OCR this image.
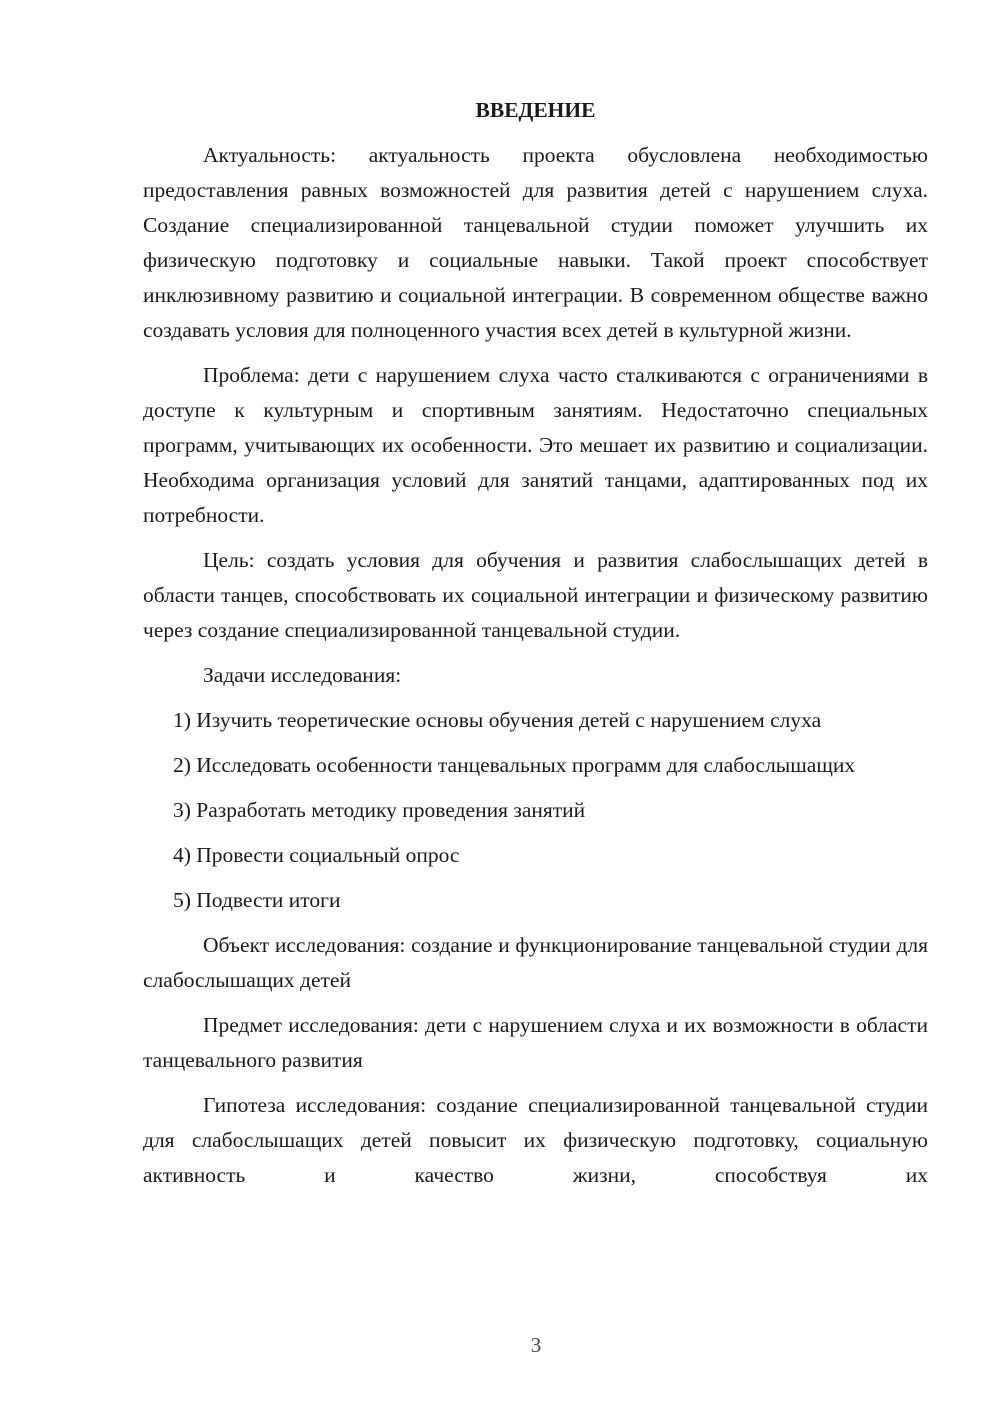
ВВЕДЕНИЕ

Актуальность: актуальность проекта обусловлена необходимостью предоставления равных возможностей для развития детей с нарушением слуха. Создание специализированной танцевальной студии поможет улучшить их физическую подготовку и социальные навыки. Такой проект способствует инклюзивному развитию и социальной интеграции. В современном обществе важно создавать условия для полноценного участия всех детей в культурной жизни.

Проблема: дети с нарушением слуха часто сталкиваются с ограничениями в доступе к культурным и спортивным занятиям. Недостаточно специальных программ, учитывающих их особенности. Это мешает их развитию и социализации. Необходима организация условий для занятий танцами, адаптированных под их потребности.

Цель: создать условия для обучения и развития слабослышащих детей в области танцев, способствовать их социальной интеграции и физическому развитию через создание специализированной танцевальной студии.

Задачи исследования:

1) Изучить теоретические основы обучения детей с нарушением слуха

2) Исследовать особенности танцевальных программ для слабослышащих

3) Разработать методику проведения занятий

4) Провести социальный опрос

5) Подвести итоги

Объект исследования: создание и функционирование танцевальной студии для слабослышащих детей

Предмет исследования: дети с нарушением слуха и их возможности в области танцевального развития

Гипотеза исследования: создание специализированной танцевальной студии для слабослышащих детей повысит их физическую подготовку, социальную активность и качество жизни, способствуя их

3
